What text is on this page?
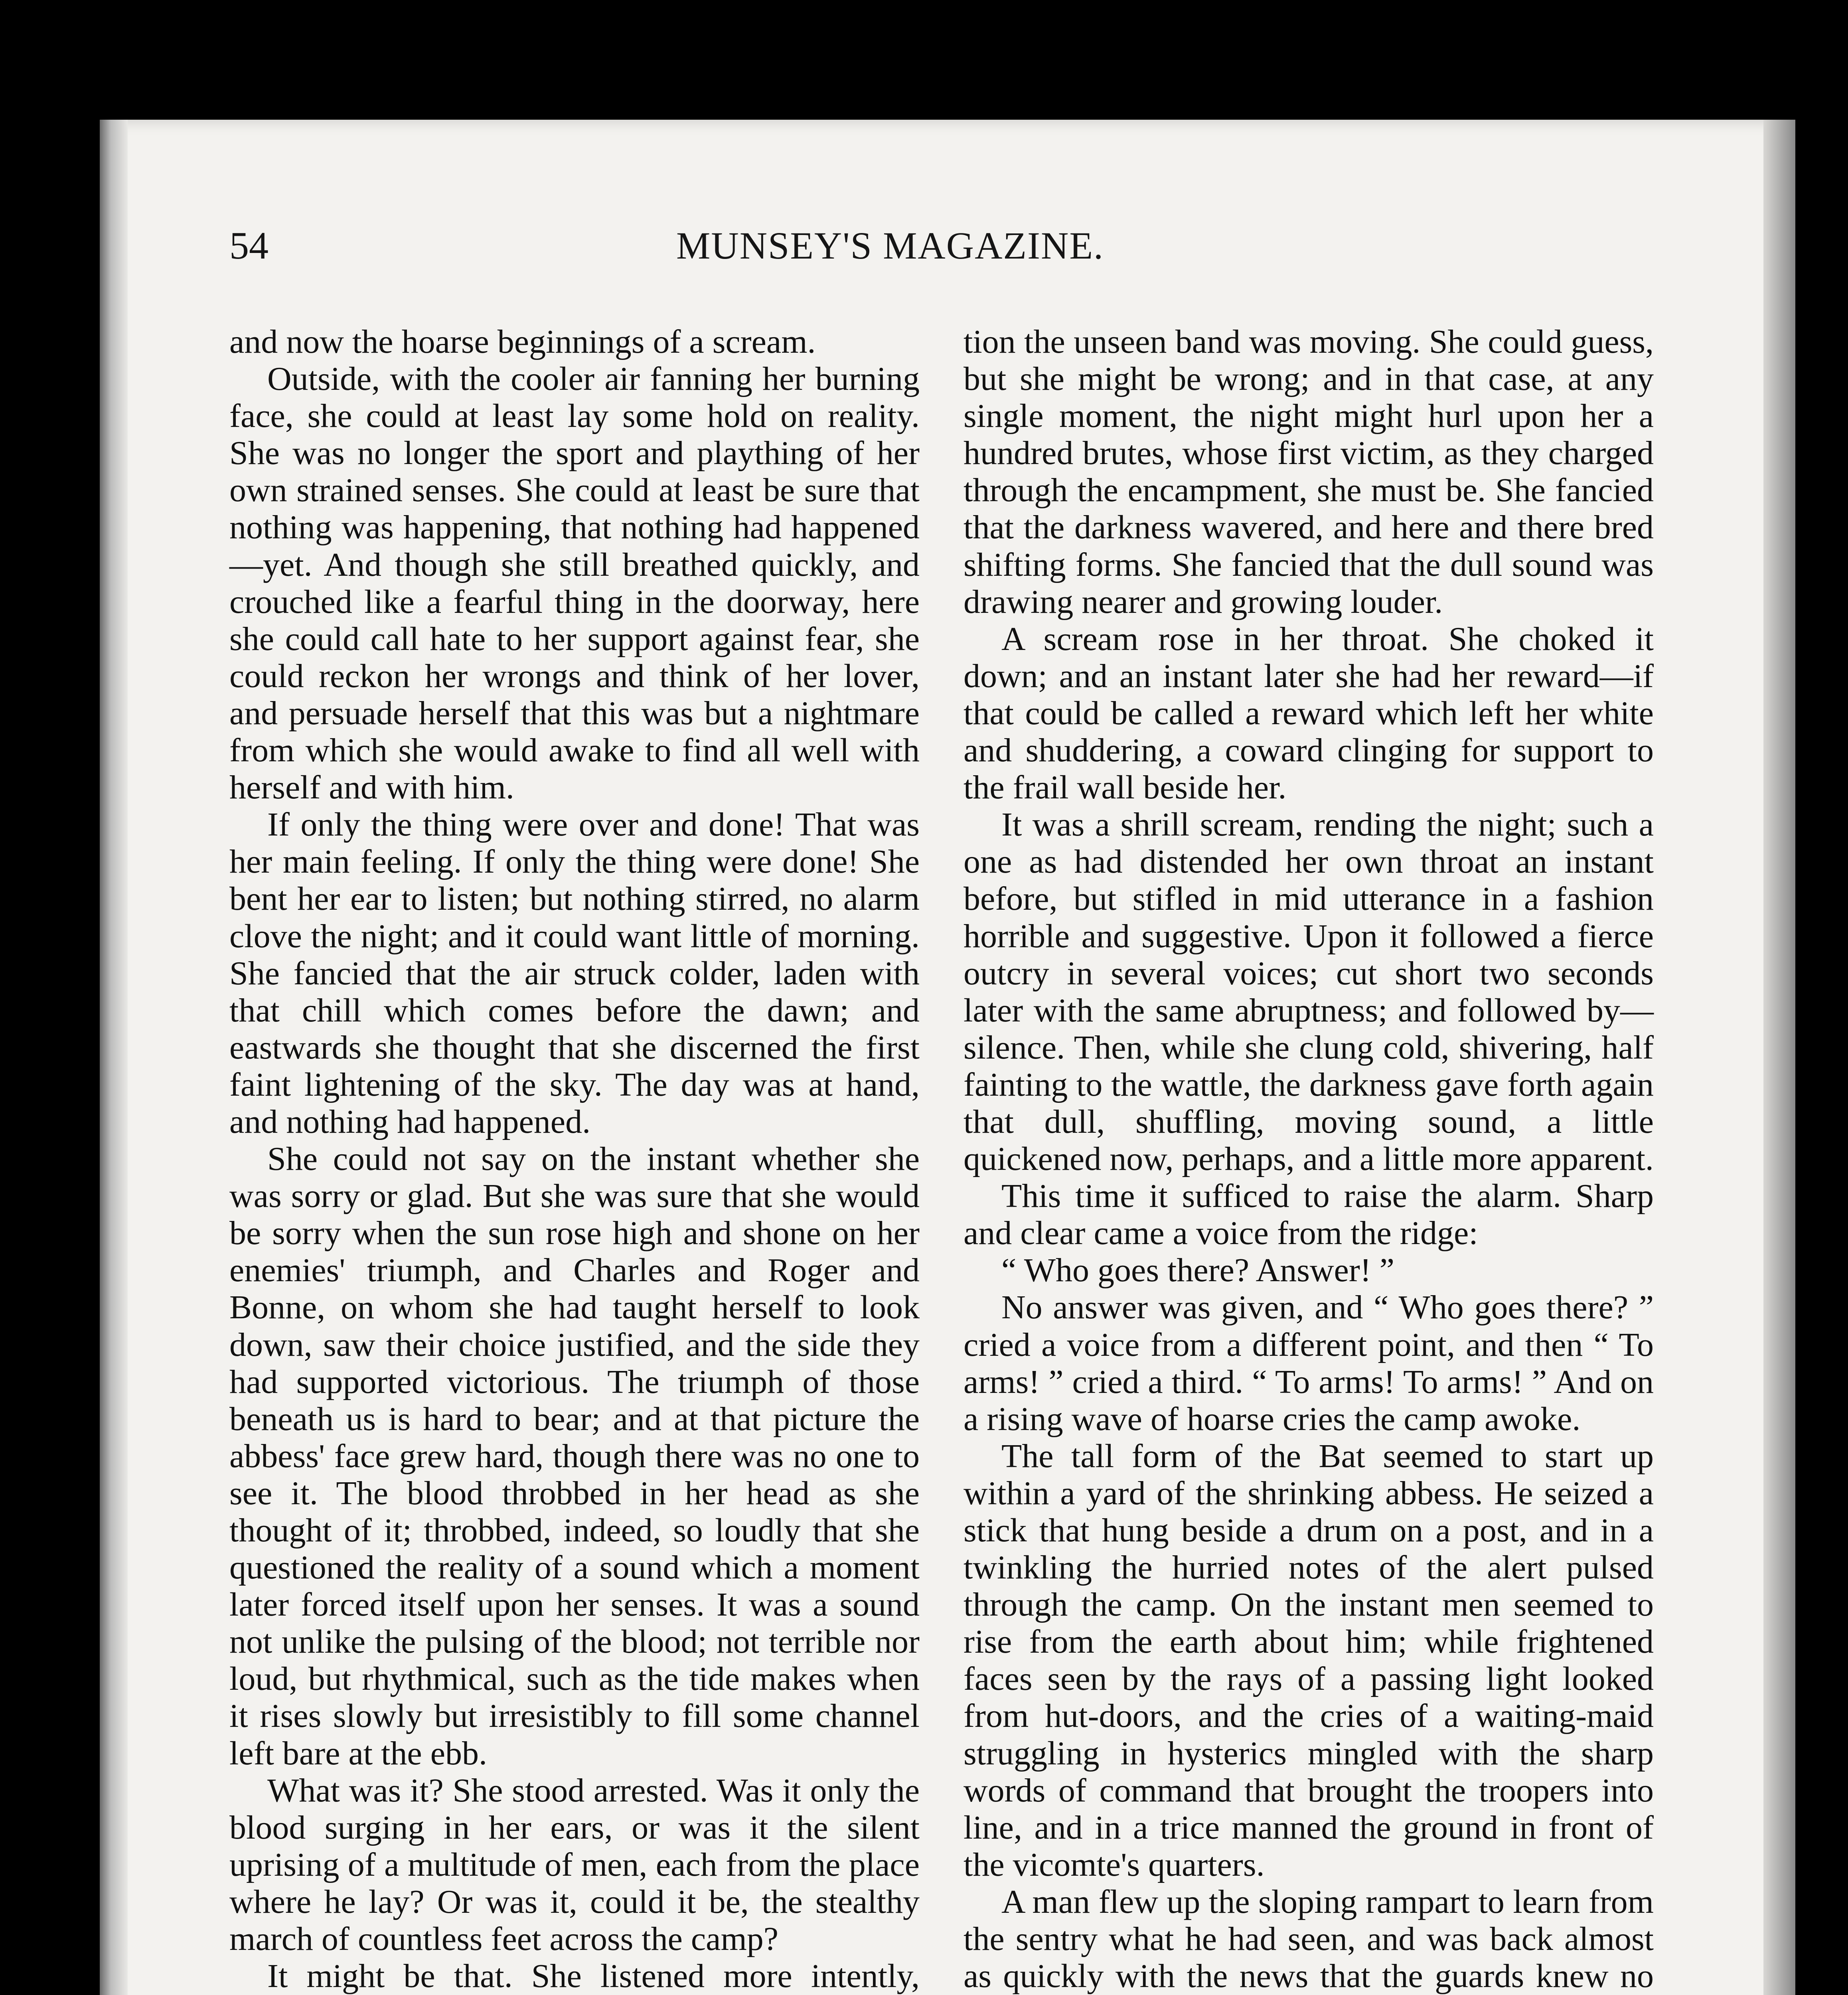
54	MUNSEY'S MAGAZINE.

and now the hoarse beginnings of a scream.

Outside, with the cooler air fanning her burning face, she could at least lay some hold on reality. She was no longer the sport and plaything of her own strained senses. She could at least be sure that nothing was happening, that nothing had happened—yet. And though she still breathed quickly, and crouched like a fearful thing in the doorway, here she could call hate to her support against fear, she could reckon her wrongs and think of her lover, and persuade herself that this was but a nightmare from which she would awake to find all well with herself and with him.

If only the thing were over and done! That was her main feeling. If only the thing were done! She bent her ear to listen; but nothing stirred, no alarm clove the night; and it could want little of morning. She fancied that the air struck colder, laden with that chill which comes before the dawn; and eastwards she thought that she discerned the first faint lightening of the sky. The day was at hand, and nothing had happened.

She could not say on the instant whether she was sorry or glad. But she was sure that she would be sorry when the sun rose high and shone on her enemies' triumph, and Charles and Roger and Bonne, on whom she had taught herself to look down, saw their choice justified, and the side they had supported victorious. The triumph of those beneath us is hard to bear; and at that picture the abbess' face grew hard, though there was no one to see it. The blood throbbed in her head as she thought of it; throbbed, indeed, so loudly that she questioned the reality of a sound which a moment later forced itself upon her senses. It was a sound not unlike the pulsing of the blood; not terrible nor loud, but rhythmical, such as the tide makes when it rises slowly but irresistibly to fill some channel left bare at the ebb.

What was it? She stood arrested. Was it only the blood surging in her ears, or was it the silent uprising of a multitude of men, each from the place where he lay? Or was it, could it be, the stealthy march of countless feet across the camp?

It might be that. She listened more intently,

tion the unseen band was moving. She could guess, but she might be wrong; and in that case, at any single moment, the night might hurl upon her a hundred brutes, whose first victim, as they charged through the encampment, she must be. She fancied that the darkness wavered, and here and there bred shifting forms. She fancied that the dull sound was drawing nearer and growing louder.

A scream rose in her throat. She choked it down; and an instant later she had her reward—if that could be called a reward which left her white and shuddering, a coward clinging for support to the frail wall beside her.

It was a shrill scream, rending the night; such a one as had distended her own throat an instant before, but stifled in mid utterance in a fashion horrible and suggestive. Upon it followed a fierce outcry in several voices; cut short two seconds later with the same abruptness; and followed by—silence. Then, while she clung cold, shivering, half fainting to the wattle, the darkness gave forth again that dull, shuffling, moving sound, a little quickened now, perhaps, and a little more apparent.

This time it sufficed to raise the alarm. Sharp and clear came a voice from the ridge:

“ Who goes there? Answer! ”

No answer was given, and “ Who goes there? ” cried a voice from a different point, and then “ To arms! ” cried a third. “ To arms! To arms! ” And on a rising wave of hoarse cries the camp awoke.

The tall form of the Bat seemed to start up within a yard of the shrinking abbess. He seized a stick that hung beside a drum on a post, and in a twinkling the hurried notes of the alert pulsed through the camp. On the instant men seemed to rise from the earth about him; while frightened faces seen by the rays of a passing light looked from hut-doors, and the cries of a waiting-maid struggling in hysterics mingled with the sharp words of command that brought the troopers into line, and in a trice manned the ground in front of the vicomte's quarters.

A man flew up the sloping rampart to learn from the sentry what he had seen, and was back almost as quickly with the news that the guards knew no
